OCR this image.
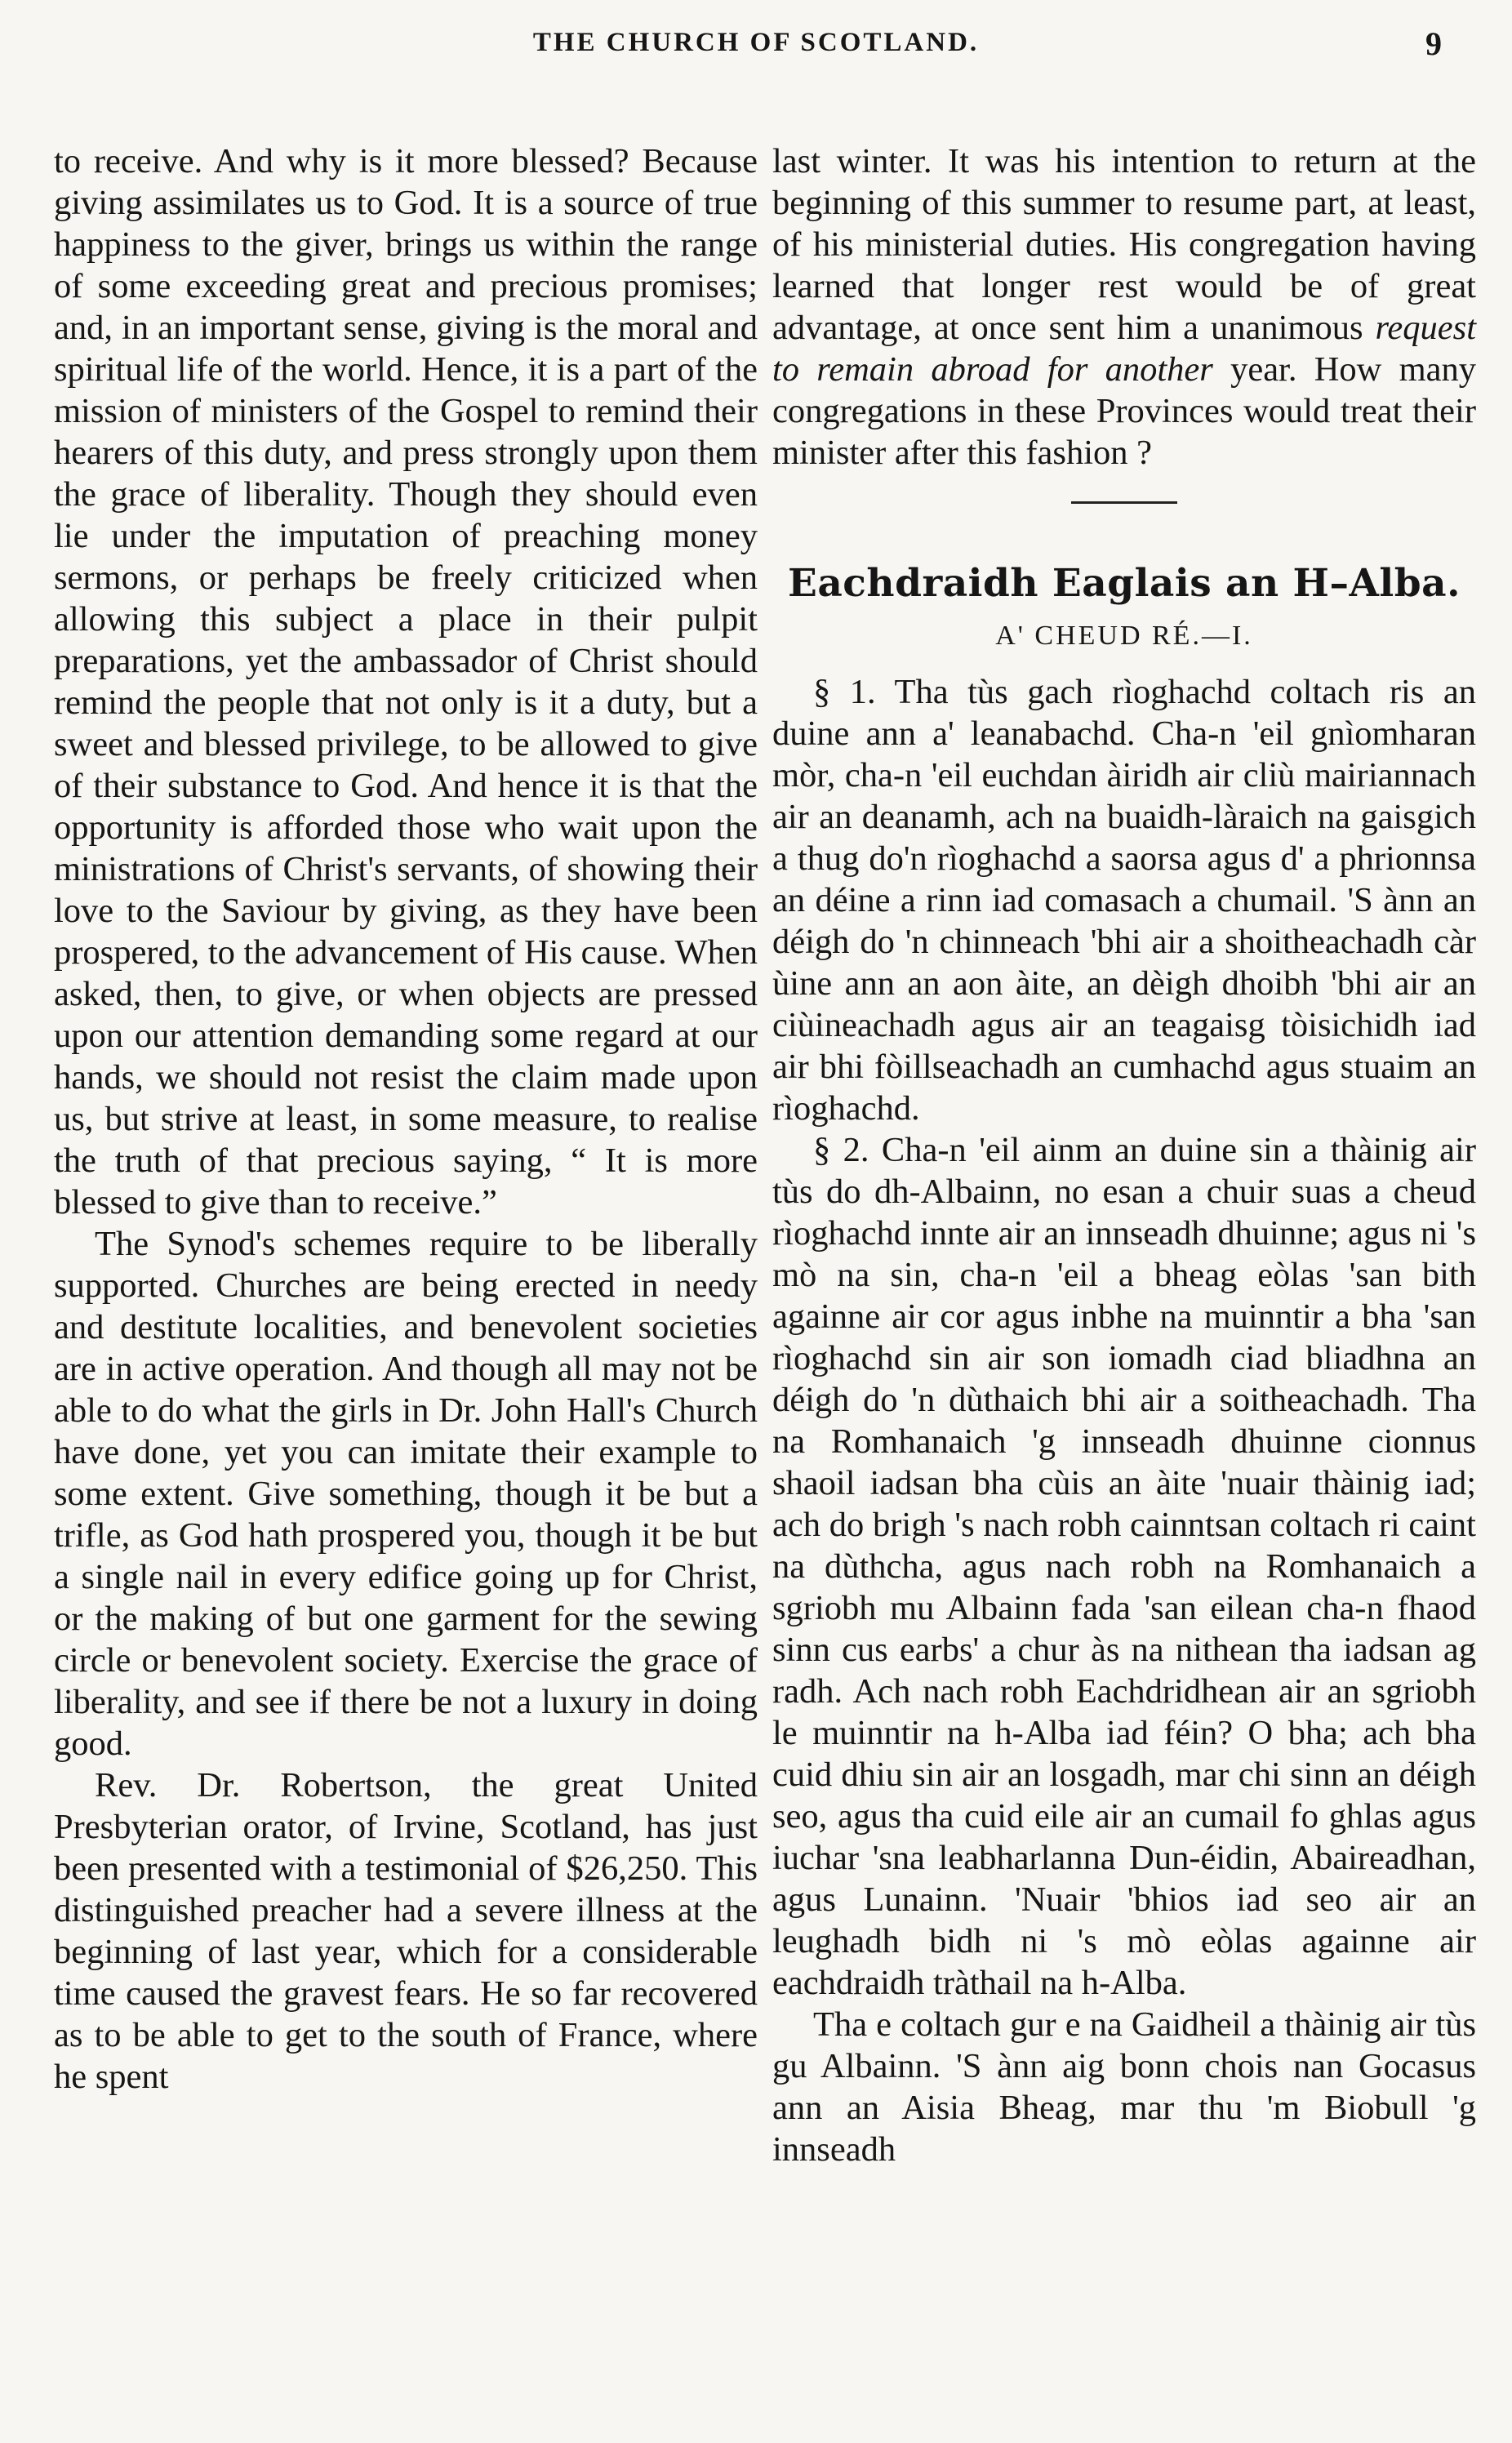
THE CHURCH OF SCOTLAND.	9

to receive. And why is it more blessed? Because giving assimilates us to God. It is a source of true happiness to the giver, brings us within the range of some exceeding great and precious promises; and, in an important sense, giving is the moral and spiritual life of the world. Hence, it is a part of the mission of ministers of the Gospel to remind their hearers of this duty, and press strongly upon them the grace of liberality. Though they should even lie under the imputation of preaching money sermons, or perhaps be freely criticized when allowing this subject a place in their pulpit preparations, yet the ambassador of Christ should remind the people that not only is it a duty, but a sweet and blessed privilege, to be allowed to give of their substance to God. And hence it is that the opportunity is afforded those who wait upon the ministrations of Christ's servants, of showing their love to the Saviour by giving, as they have been prospered, to the advancement of His cause. When asked, then, to give, or when objects are pressed upon our attention demanding some regard at our hands, we should not resist the claim made upon us, but strive at least, in some measure, to realise the truth of that precious saying, “ It is more blessed to give than to receive.”

The Synod's schemes require to be liberally supported. Churches are being erected in needy and destitute localities, and benevolent societies are in active operation. And though all may not be able to do what the girls in Dr. John Hall's Church have done, yet you can imitate their example to some extent. Give something, though it be but a trifle, as God hath prospered you, though it be but a single nail in every edifice going up for Christ, or the making of but one garment for the sewing circle or benevolent society. Exercise the grace of liberality, and see if there be not a luxury in doing good.

Rev. Dr. Robertson, the great United Presbyterian orator, of Irvine, Scotland, has just been presented with a testimonial of $26,250. This distinguished preacher had a severe illness at the beginning of last year, which for a considerable time caused the gravest fears. He so far recovered as to be able to get to the south of France, where he spent

last winter. It was his intention to return at the beginning of this summer to resume part, at least, of his ministerial duties. His congregation having learned that longer rest would be of great advantage, at once sent him a unanimous request to remain abroad for another year. How many congregations in these Provinces would treat their minister after this fashion ?

Eachdraidh Eaglais an H–Alba.
A' CHEUD RÉ.—I.

§ 1. Tha tùs gach rìoghachd coltach ris an duine ann a' leanabachd. Cha-n 'eil gnìomharan mòr, cha-n 'eil euchdan àiridh air cliù mairiannach air an deanamh, ach na buaidh-làraich na gaisgich a thug do'n rìoghachd a saorsa agus d' a phrionnsa an déine a rinn iad comasach a chumail. 'S ànn an déigh do 'n chinneach 'bhi air a shoitheachadh càr ùine ann an aon àite, an dèigh dhoibh 'bhi air an ciùineachadh agus air an teagaisg tòisichidh iad air bhi fòillseachadh an cumhachd agus stuaim an rìoghachd.

§ 2. Cha-n 'eil ainm an duine sin a thàinig air tùs do dh-Albainn, no esan a chuir suas a cheud rìoghachd innte air an innseadh dhuinne; agus ni 's mò na sin, cha-n 'eil a bheag eòlas 'san bith againne air cor agus inbhe na muinntir a bha 'san rìoghachd sin air son iomadh ciad bliadhna an déigh do 'n dùthaich bhi air a soitheachadh. Tha na Romhanaich 'g innseadh dhuinne cionnus shaoil iadsan bha cùis an àite 'nuair thàinig iad; ach do brigh 's nach robh cainntsan coltach ri caint na dùthcha, agus nach robh na Romhanaich a sgriobh mu Albainn fada 'san eilean cha-n fhaod sinn cus earbs' a chur às na nithean tha iadsan ag radh. Ach nach robh Eachdridhean air an sgriobh le muinntir na h-Alba iad féin? O bha; ach bha cuid dhiu sin air an losgadh, mar chi sinn an déigh seo, agus tha cuid eile air an cumail fo ghlas agus iuchar 'sna leabharlanna Dun-éidin, Abaireadhan, agus Lunainn. 'Nuair 'bhios iad seo air an leughadh bidh ni 's mò eòlas againne air eachdraidh tràthail na h-Alba.

Tha e coltach gur e na Gaidheil a thàinig air tùs gu Albainn. 'S ànn aig bonn chois nan Gocasus ann an Aisia Bheag, mar thu 'm Biobull 'g innseadh
